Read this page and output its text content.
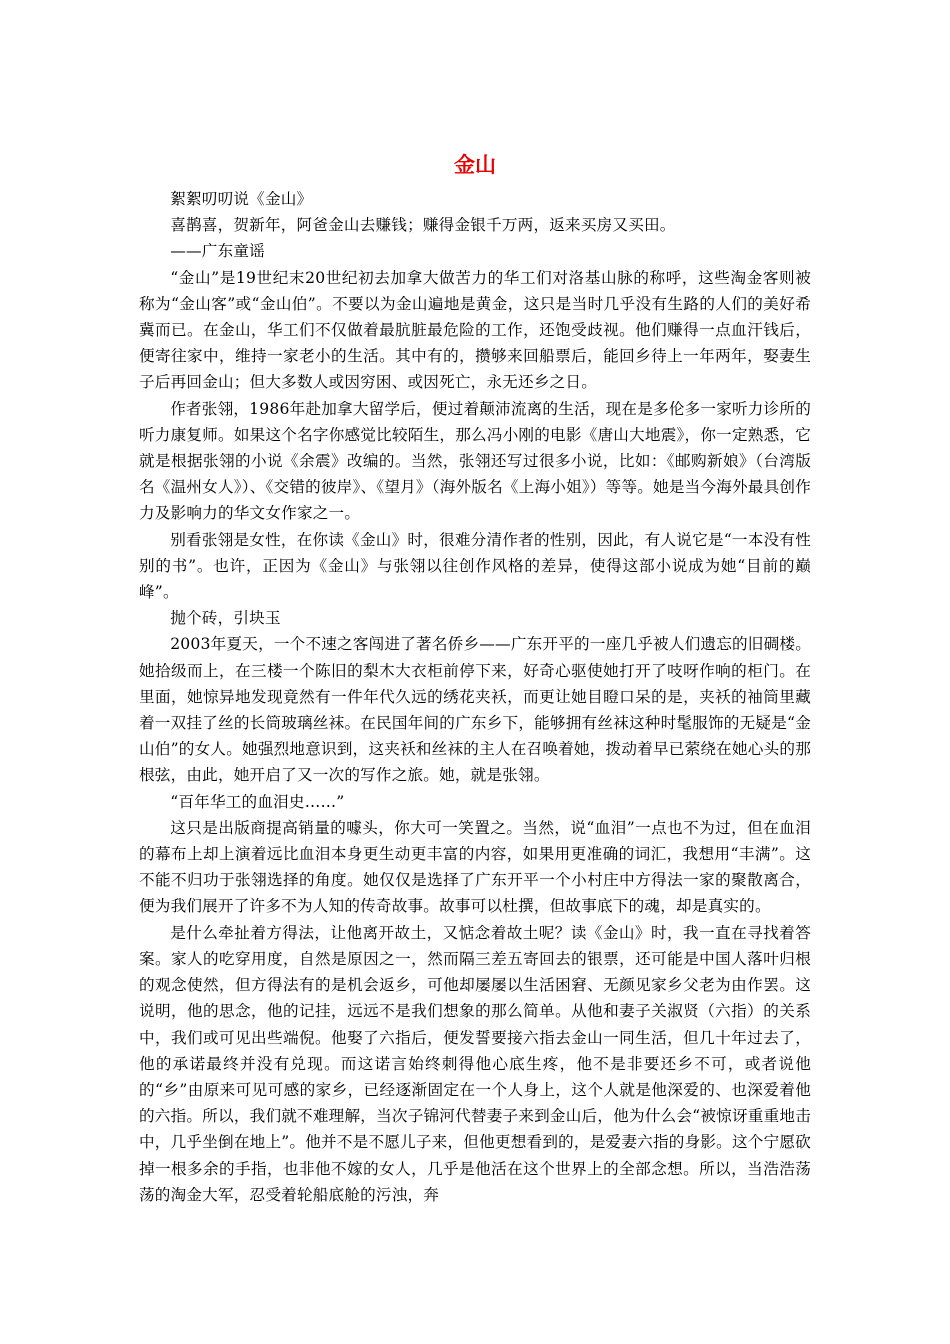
金山

絮絮叨叨说《金山》

喜鹊喜，贺新年，阿爸金山去赚钱；赚得金银千万两，返来买房又买田。

——广东童谣

“金山”是19世纪末20世纪初去加拿大做苦力的华工们对洛基山脉的称呼，这些淘金客则被称为“金山客”或“金山伯”。不要以为金山遍地是黄金，这只是当时几乎没有生路的人们的美好希冀而已。在金山，华工们不仅做着最肮脏最危险的工作，还饱受歧视。他们赚得一点血汗钱后，便寄往家中，维持一家老小的生活。其中有的，攒够来回船票后，能回乡待上一年两年，娶妻生子后再回金山；但大多数人或因穷困、或因死亡，永无还乡之日。

作者张翎，1986年赴加拿大留学后，便过着颠沛流离的生活，现在是多伦多一家听力诊所的听力康复师。如果这个名字你感觉比较陌生，那么冯小刚的电影《唐山大地震》，你一定熟悉，它就是根据张翎的小说《余震》改编的。当然，张翎还写过很多小说，比如：《邮购新娘》（台湾版名《温州女人》）、《交错的彼岸》、《望月》（海外版名《上海小姐》）等等。她是当今海外最具创作力及影响力的华文女作家之一。

别看张翎是女性，在你读《金山》时，很难分清作者的性别，因此，有人说它是“一本没有性别的书”。也许，正因为《金山》与张翎以往创作风格的差异，使得这部小说成为她“目前的巅峰”。

抛个砖，引块玉

2003年夏天，一个不速之客闯进了著名侨乡——广东开平的一座几乎被人们遗忘的旧碉楼。她拾级而上，在三楼一个陈旧的梨木大衣柜前停下来，好奇心驱使她打开了吱呀作响的柜门。在里面，她惊异地发现竟然有一件年代久远的绣花夹袄，而更让她目瞪口呆的是，夹袄的袖筒里藏着一双挂了丝的长筒玻璃丝袜。在民国年间的广东乡下，能够拥有丝袜这种时髦服饰的无疑是“金山伯”的女人。她强烈地意识到，这夹袄和丝袜的主人在召唤着她，拨动着早已萦绕在她心头的那根弦，由此，她开启了又一次的写作之旅。她，就是张翎。

“百年华工的血泪史……”

这只是出版商提高销量的噱头，你大可一笑置之。当然，说“血泪”一点也不为过，但在血泪的幕布上却上演着远比血泪本身更生动更丰富的内容，如果用更准确的词汇，我想用“丰满”。这不能不归功于张翎选择的角度。她仅仅是选择了广东开平一个小村庄中方得法一家的聚散离合，便为我们展开了许多不为人知的传奇故事。故事可以杜撰，但故事底下的魂，却是真实的。

是什么牵扯着方得法，让他离开故土，又惦念着故土呢？读《金山》时，我一直在寻找着答案。家人的吃穿用度，自然是原因之一，然而隔三差五寄回去的银票，还可能是中国人落叶归根的观念使然，但方得法有的是机会返乡，可他却屡屡以生活困窘、无颜见家乡父老为由作罢。这说明，他的思念，他的记挂，远远不是我们想象的那么简单。从他和妻子关淑贤（六指）的关系中，我们或可见出些端倪。他娶了六指后，便发誓要接六指去金山一同生活，但几十年过去了，他的承诺最终并没有兑现。而这诺言始终刺得他心底生疼，他不是非要还乡不可，或者说他的“乡”由原来可见可感的家乡，已经逐渐固定在一个人身上，这个人就是他深爱的、也深爱着他的六指。所以，我们就不难理解，当次子锦河代替妻子来到金山后，他为什么会“被惊讶重重地击中，几乎坐倒在地上”。他并不是不愿儿子来，但他更想看到的，是爱妻六指的身影。这个宁愿砍掉一根多余的手指，也非他不嫁的女人，几乎是他活在这个世界上的全部念想。所以，当浩浩荡荡的淘金大军，忍受着轮船底舱的污浊，奔
